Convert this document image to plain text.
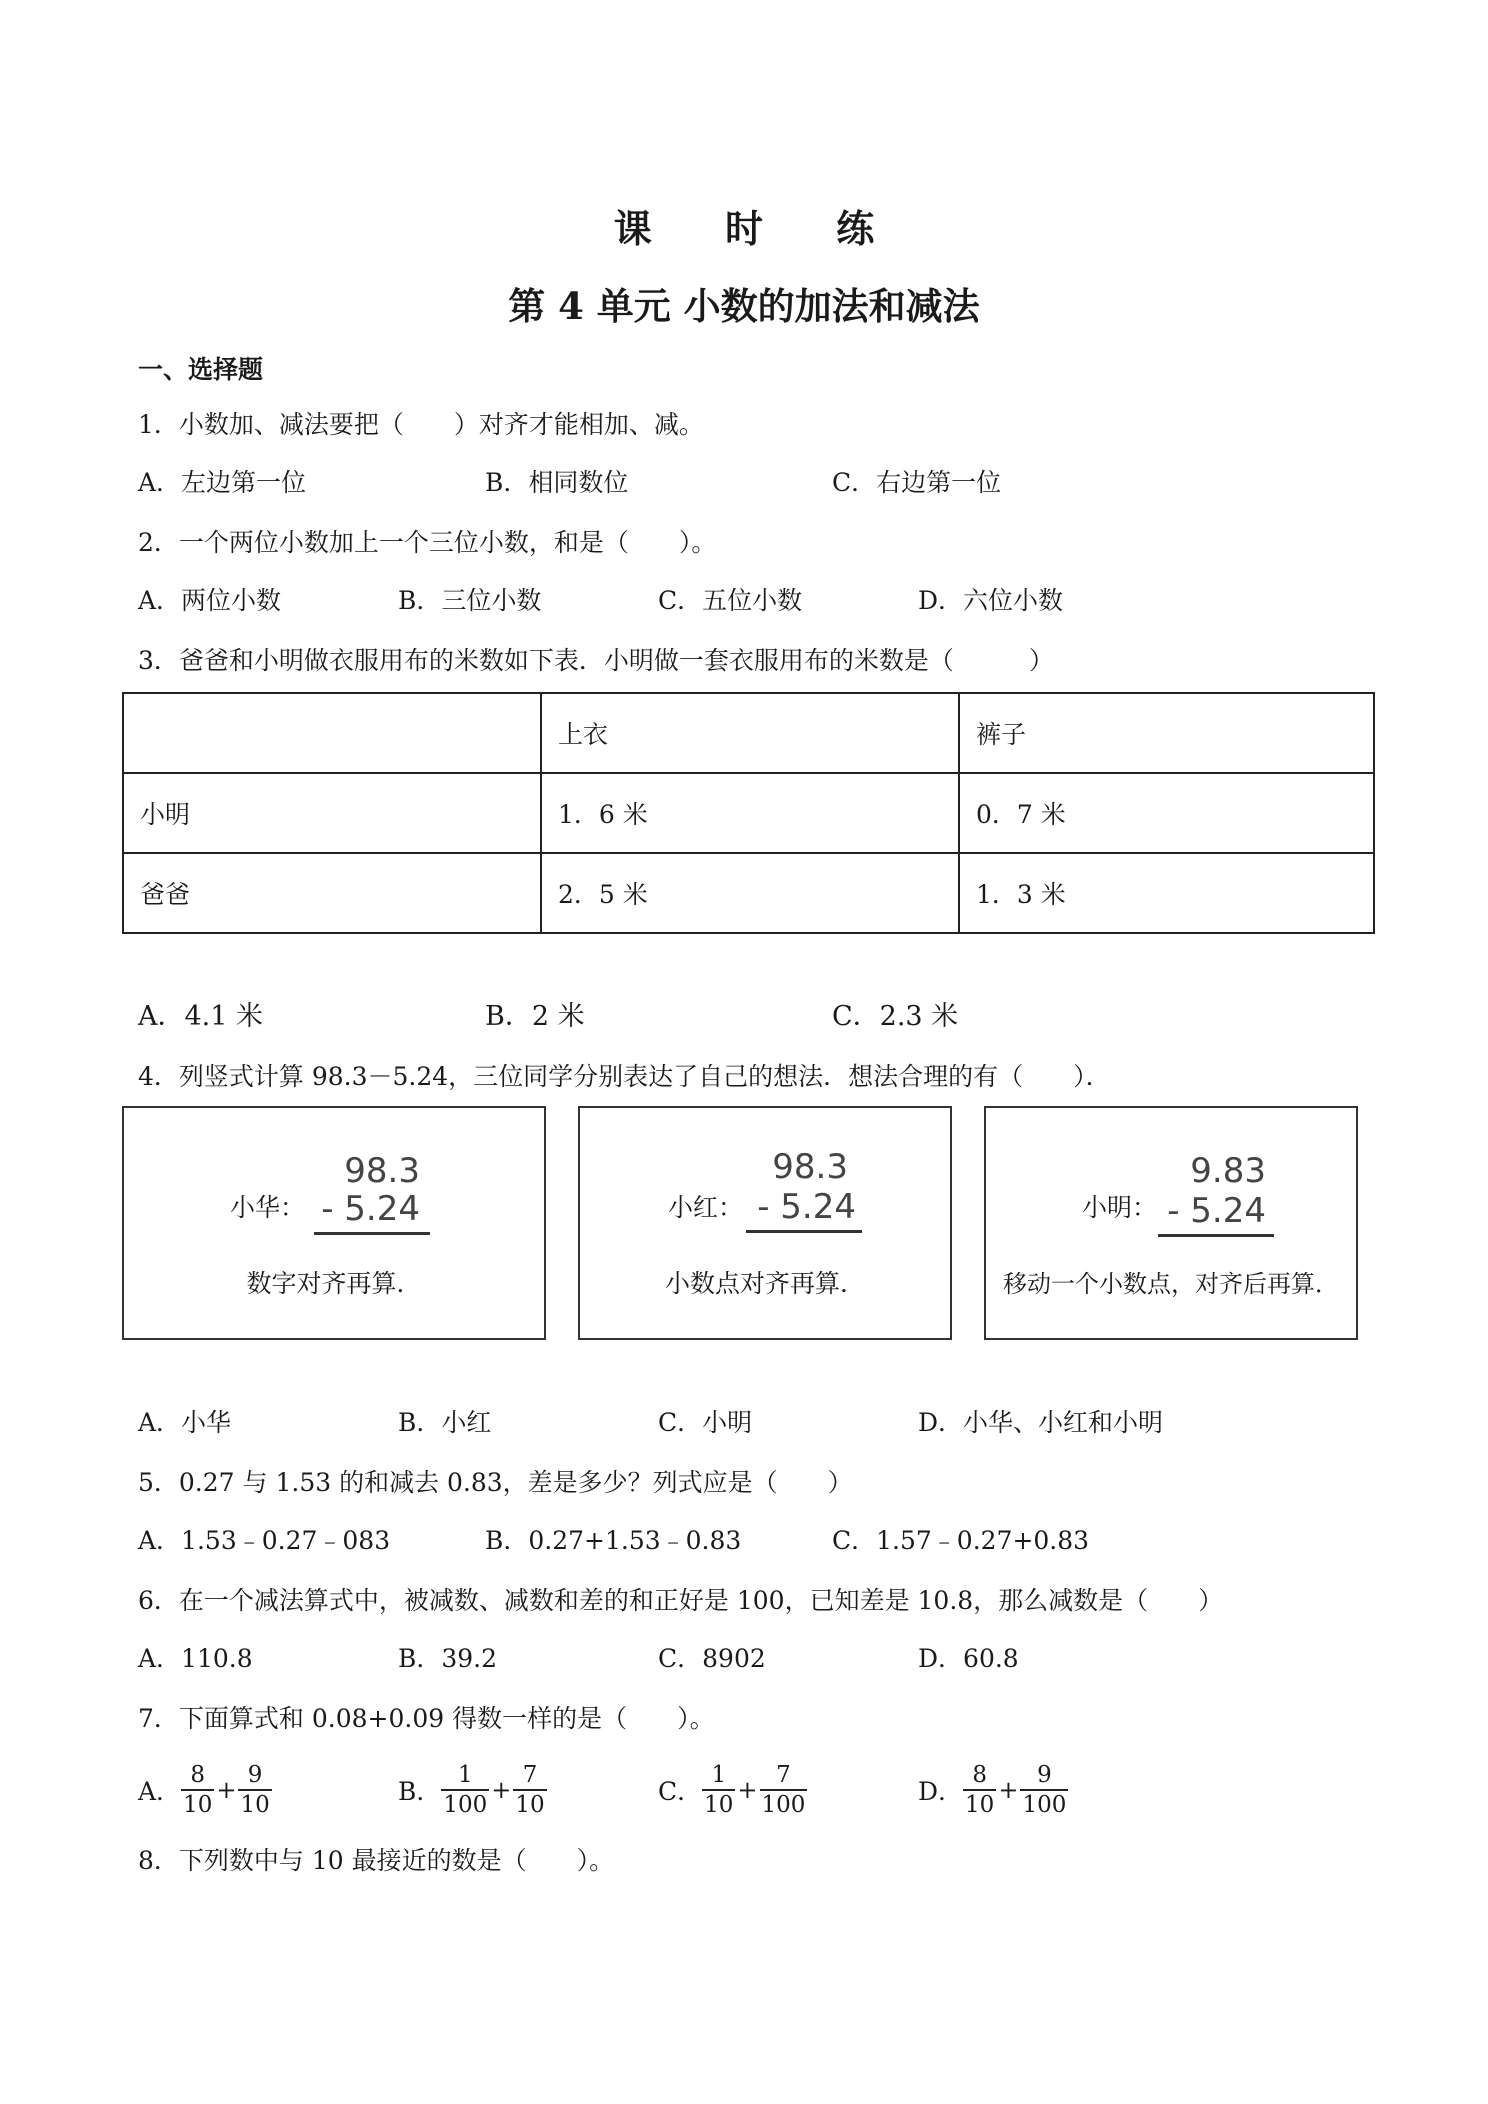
课 时 练
第 4 单元 小数的加法和减法
一、选择题
1．小数加、减法要把（　　）对齐才能相加、减。
A．左边第一位	B．相同数位	C．右边第一位
2．一个两位小数加上一个三位小数，和是（　　）。
A．两位小数	B．三位小数	C．五位小数	D．六位小数
3．爸爸和小明做衣服用布的米数如下表．小明做一套衣服用布的米数是（　　　）
	上衣	裤子
小明	1．6 米	0．7 米
爸爸	2．5 米	1．3 米
A．4.1 米	B．2 米	C．2.3 米
4．列竖式计算 98.3－5.24，三位同学分别表达了自己的想法．想法合理的有（　　）．
小华：
98.3
- 5.24
数字对齐再算．
小红：
98.3
- 5.24
小数点对齐再算．
小明：
9.83
- 5.24
移动一个小数点，对齐后再算．
A．小华	B．小红	C．小明	D．小华、小红和小明
5．0.27 与 1.53 的和减去 0.83，差是多少？列式应是（　　）
A．1.53﹣0.27﹣083	B．0.27+1.53﹣0.83	C．1.57﹣0.27+0.83
6．在一个减法算式中，被减数、减数和差的和正好是 100，已知差是 10.8，那么减数是（　　）
A．110.8	B．39.2	C．8902	D．60.8
7．下面算式和 0.08+0.09 得数一样的是（　　）。
A． $\frac{8}{10} + \frac{9}{10}$	B． $\frac{1}{100} + \frac{7}{10}$	C． $\frac{1}{10} + \frac{7}{100}$	D． $\frac{8}{10} + \frac{9}{100}$
8．下列数中与 10 最接近的数是（　　）。
